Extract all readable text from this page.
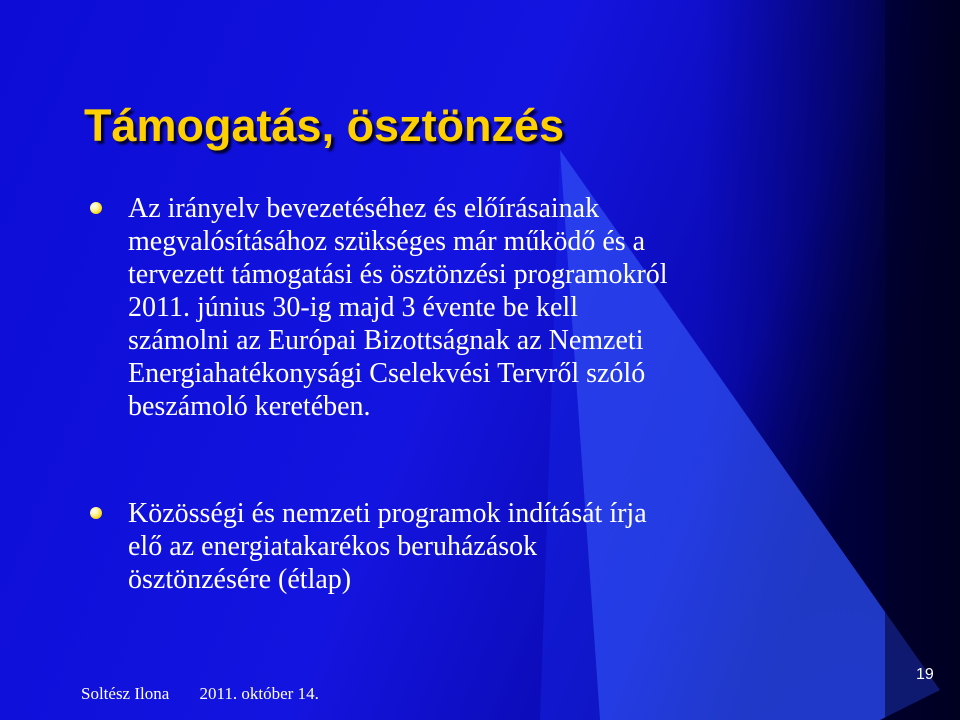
Támogatás, ösztönzés

Az irányelv bevezetéséhez és előírásainak
megvalósításához szükséges már működő és a
tervezett támogatási és ösztönzési programokról
2011. június 30-ig majd 3 évente be kell
számolni az Európai Bizottságnak az Nemzeti
Energiahatékonysági Cselekvési Tervről szóló
beszámoló keretében.

Közösségi és nemzeti programok indítását írja
elő az energiatakarékos beruházások
ösztönzésére (étlap)

Soltész Ilona 2011. október 14.
19
